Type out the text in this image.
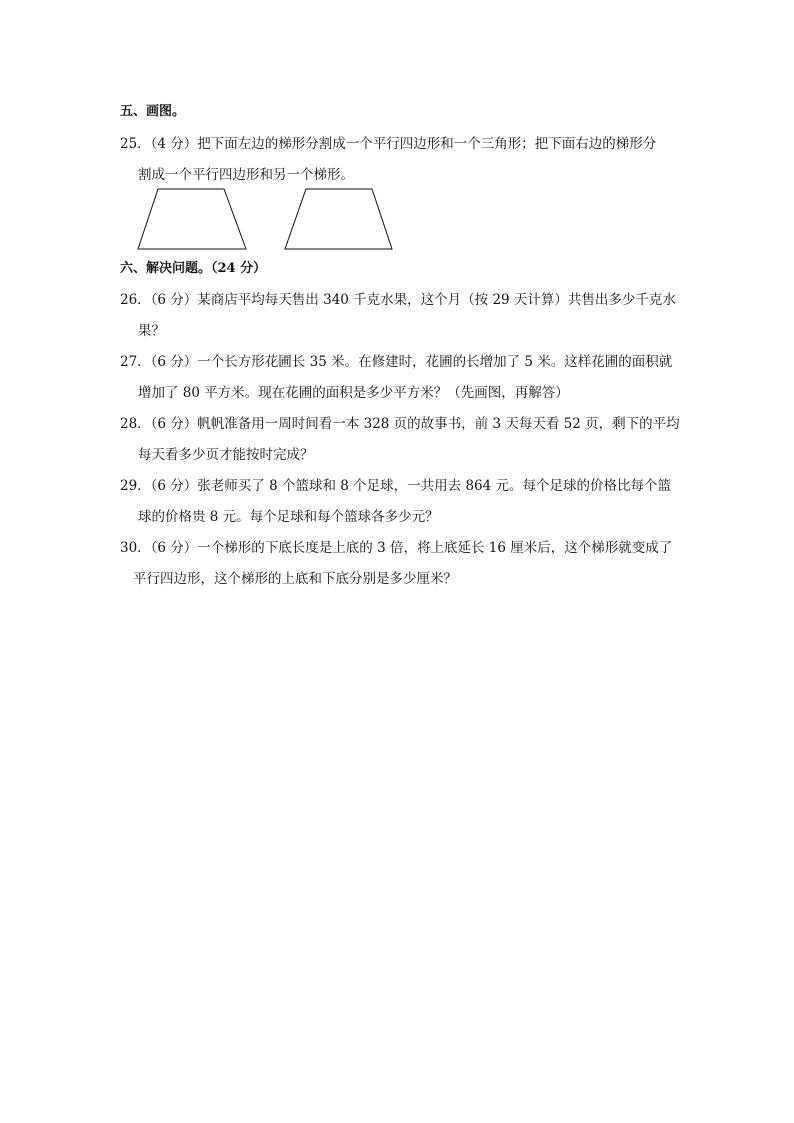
五、画图。
25．（4 分）把下面左边的梯形分割成一个平行四边形和一个三角形；把下面右边的梯形分
割成一个平行四边形和另一个梯形。
六、解决问题。（24 分）
26．（6 分）某商店平均每天售出 340 千克水果，这个月（按 29 天计算）共售出多少千克水
果？
27．（6 分）一个长方形花圃长 35 米。在修建时，花圃的长增加了 5 米。这样花圃的面积就
增加了 80 平方米。现在花圃的面积是多少平方米？（先画图，再解答）
28．（6 分）帆帆准备用一周时间看一本 328 页的故事书，前 3 天每天看 52 页，剩下的平均
每天看多少页才能按时完成？
29．（6 分）张老师买了 8 个篮球和 8 个足球，一共用去 864 元。每个足球的价格比每个篮
球的价格贵 8 元。每个足球和每个篮球各多少元？
30．（6 分）一个梯形的下底长度是上底的 3 倍，将上底延长 16 厘米后，这个梯形就变成了
平行四边形，这个梯形的上底和下底分别是多少厘米？
